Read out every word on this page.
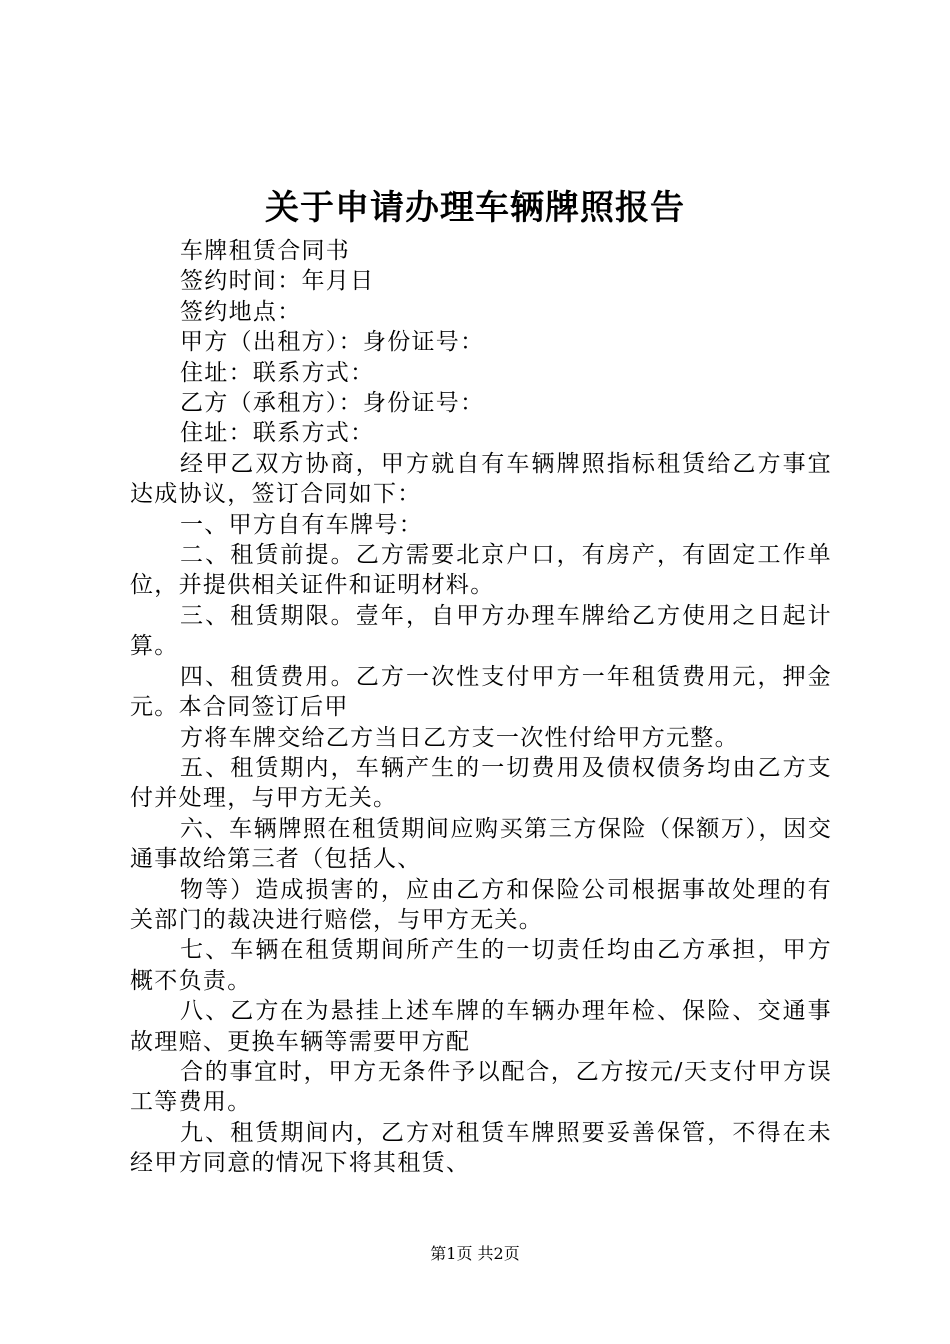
关于申请办理车辆牌照报告

车牌租赁合同书

签约时间：年月日

签约地点：

甲方（出租方）：身份证号：

住址：联系方式：

乙方（承租方）：身份证号：

住址：联系方式：

经甲乙双方协商，甲方就自有车辆牌照指标租赁给乙方事宜达成协议，签订合同如下：

一、甲方自有车牌号：

二、租赁前提。乙方需要北京户口，有房产，有固定工作单位，并提供相关证件和证明材料。

三、租赁期限。壹年，自甲方办理车牌给乙方使用之日起计算。

四、租赁费用。乙方一次性支付甲方一年租赁费用元，押金元。本合同签订后甲

方将车牌交给乙方当日乙方支一次性付给甲方元整。

五、租赁期内，车辆产生的一切费用及债权债务均由乙方支付并处理，与甲方无关。

六、车辆牌照在租赁期间应购买第三方保险（保额万），因交通事故给第三者（包括人、

物等）造成损害的，应由乙方和保险公司根据事故处理的有关部门的裁决进行赔偿，与甲方无关。

七、车辆在租赁期间所产生的一切责任均由乙方承担，甲方概不负责。

八、乙方在为悬挂上述车牌的车辆办理年检、保险、交通事故理赔、更换车辆等需要甲方配

合的事宜时，甲方无条件予以配合，乙方按元/天支付甲方误工等费用。

九、租赁期间内，乙方对租赁车牌照要妥善保管，不得在未经甲方同意的情况下将其租赁、

第1页 共2页
